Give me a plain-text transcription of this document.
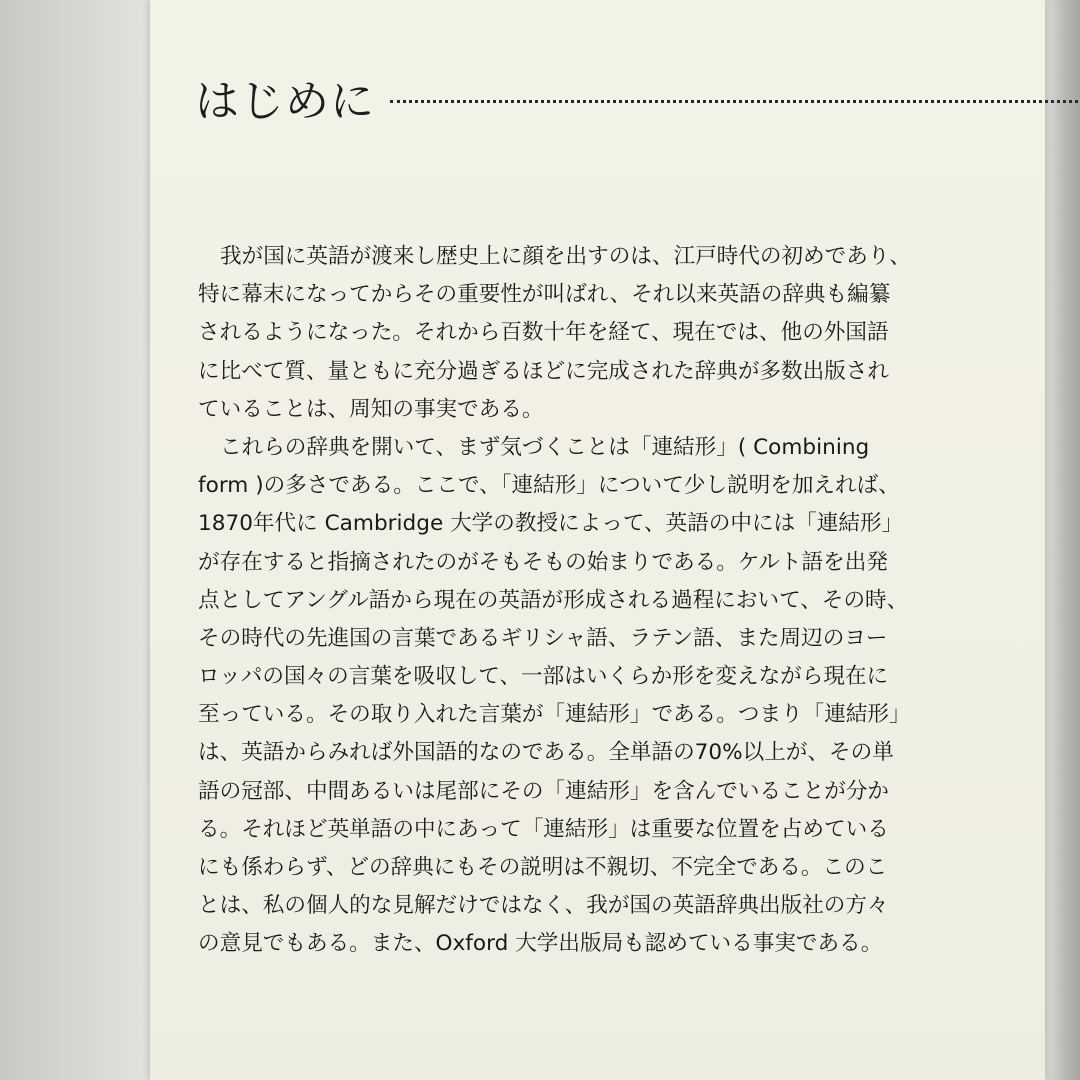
はじめに
我が国に英語が渡来し歴史上に顔を出すのは、江戸時代の初めであり、
特に幕末になってからその重要性が叫ばれ、それ以来英語の辞典も編纂
されるようになった。それから百数十年を経て、現在では、他の外国語
に比べて質、量ともに充分過ぎるほどに完成された辞典が多数出版され
ていることは、周知の事実である。
これらの辞典を開いて、まず気づくことは「連結形」( Combining
form )の多さである。ここで、「連結形」について少し説明を加えれば、
1870年代に Cambridge 大学の教授によって、英語の中には「連結形」
が存在すると指摘されたのがそもそもの始まりである。ケルト語を出発
点としてアングル語から現在の英語が形成される過程において、その時、
その時代の先進国の言葉であるギリシャ語、ラテン語、また周辺のヨー
ロッパの国々の言葉を吸収して、一部はいくらか形を変えながら現在に
至っている。その取り入れた言葉が「連結形」である。つまり「連結形」
は、英語からみれば外国語的なのである。全単語の70%以上が、その単
語の冠部、中間あるいは尾部にその「連結形」を含んでいることが分か
る。それほど英単語の中にあって「連結形」は重要な位置を占めている
にも係わらず、どの辞典にもその説明は不親切、不完全である。このこ
とは、私の個人的な見解だけではなく、我が国の英語辞典出版社の方々
の意見でもある。また、Oxford 大学出版局も認めている事実である。
